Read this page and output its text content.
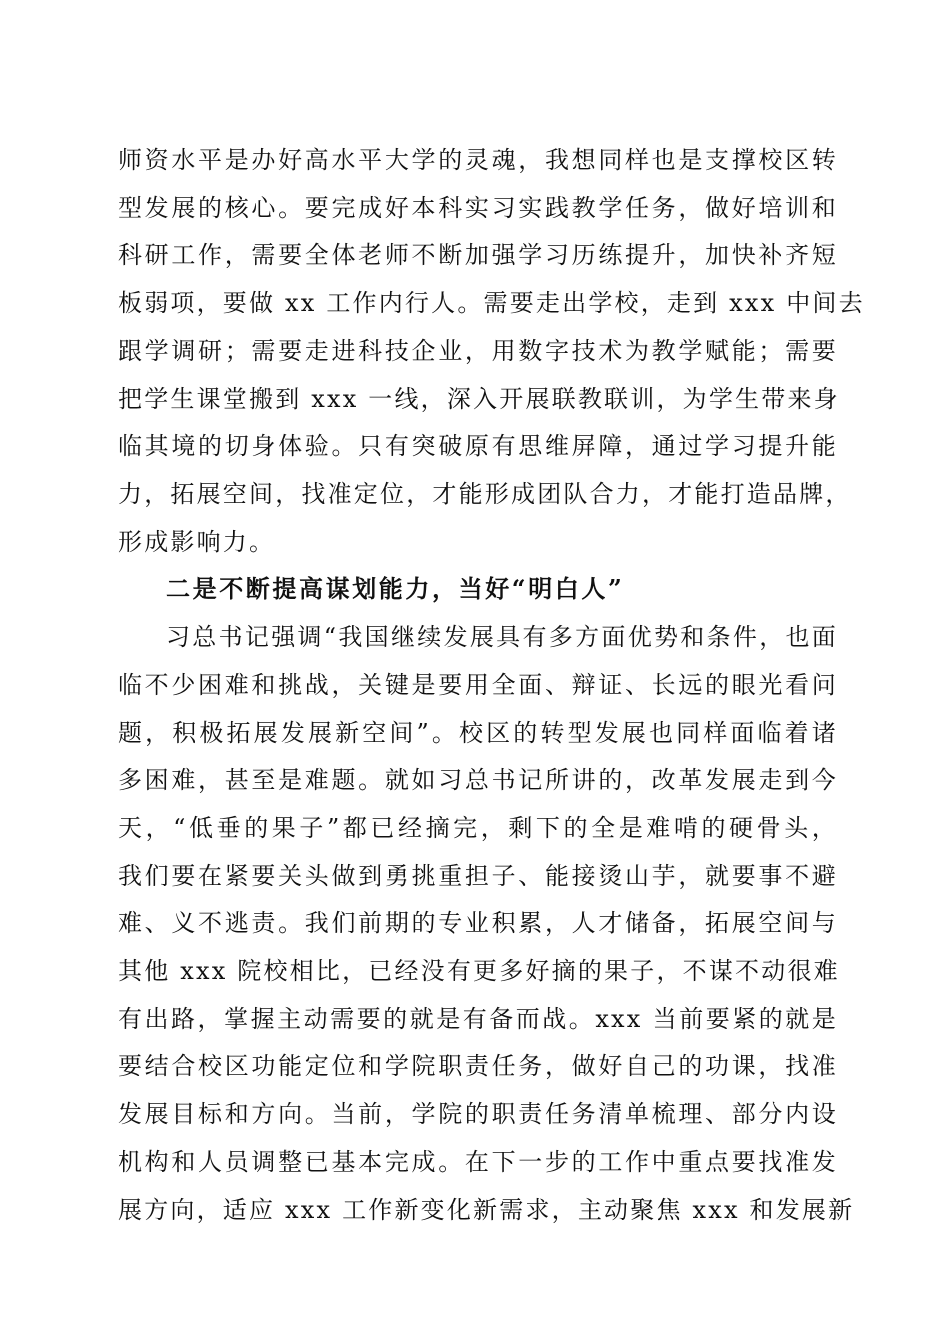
师资水平是办好高水平大学的灵魂，我想同样也是支撑校区转
型发展的核心。要完成好本科实习实践教学任务，做好培训和
科研工作，需要全体老师不断加强学习历练提升，加快补齐短
板弱项，要做 xx 工作内行人。需要走出学校，走到 xxx 中间去
跟学调研；需要走进科技企业，用数字技术为教学赋能；需要
把学生课堂搬到 xxx 一线，深入开展联教联训，为学生带来身
临其境的切身体验。只有突破原有思维屏障，通过学习提升能
力，拓展空间，找准定位，才能形成团队合力，才能打造品牌，
形成影响力。
二是不断提高谋划能力，当好“明白人”
习总书记强调“我国继续发展具有多方面优势和条件，也面
临不少困难和挑战，关键是要用全面、辩证、长远的眼光看问
题，积极拓展发展新空间”。校区的转型发展也同样面临着诸
多困难，甚至是难题。就如习总书记所讲的，改革发展走到今
天，“低垂的果子”都已经摘完，剩下的全是难啃的硬骨头，
我们要在紧要关头做到勇挑重担子、能接烫山芋，就要事不避
难、义不逃责。我们前期的专业积累，人才储备，拓展空间与
其他 xxx 院校相比，已经没有更多好摘的果子，不谋不动很难
有出路，掌握主动需要的就是有备而战。xxx 当前要紧的就是
要结合校区功能定位和学院职责任务，做好自己的功课，找准
发展目标和方向。当前，学院的职责任务清单梳理、部分内设
机构和人员调整已基本完成。在下一步的工作中重点要找准发
展方向，适应 xxx 工作新变化新需求，主动聚焦 xxx 和发展新
